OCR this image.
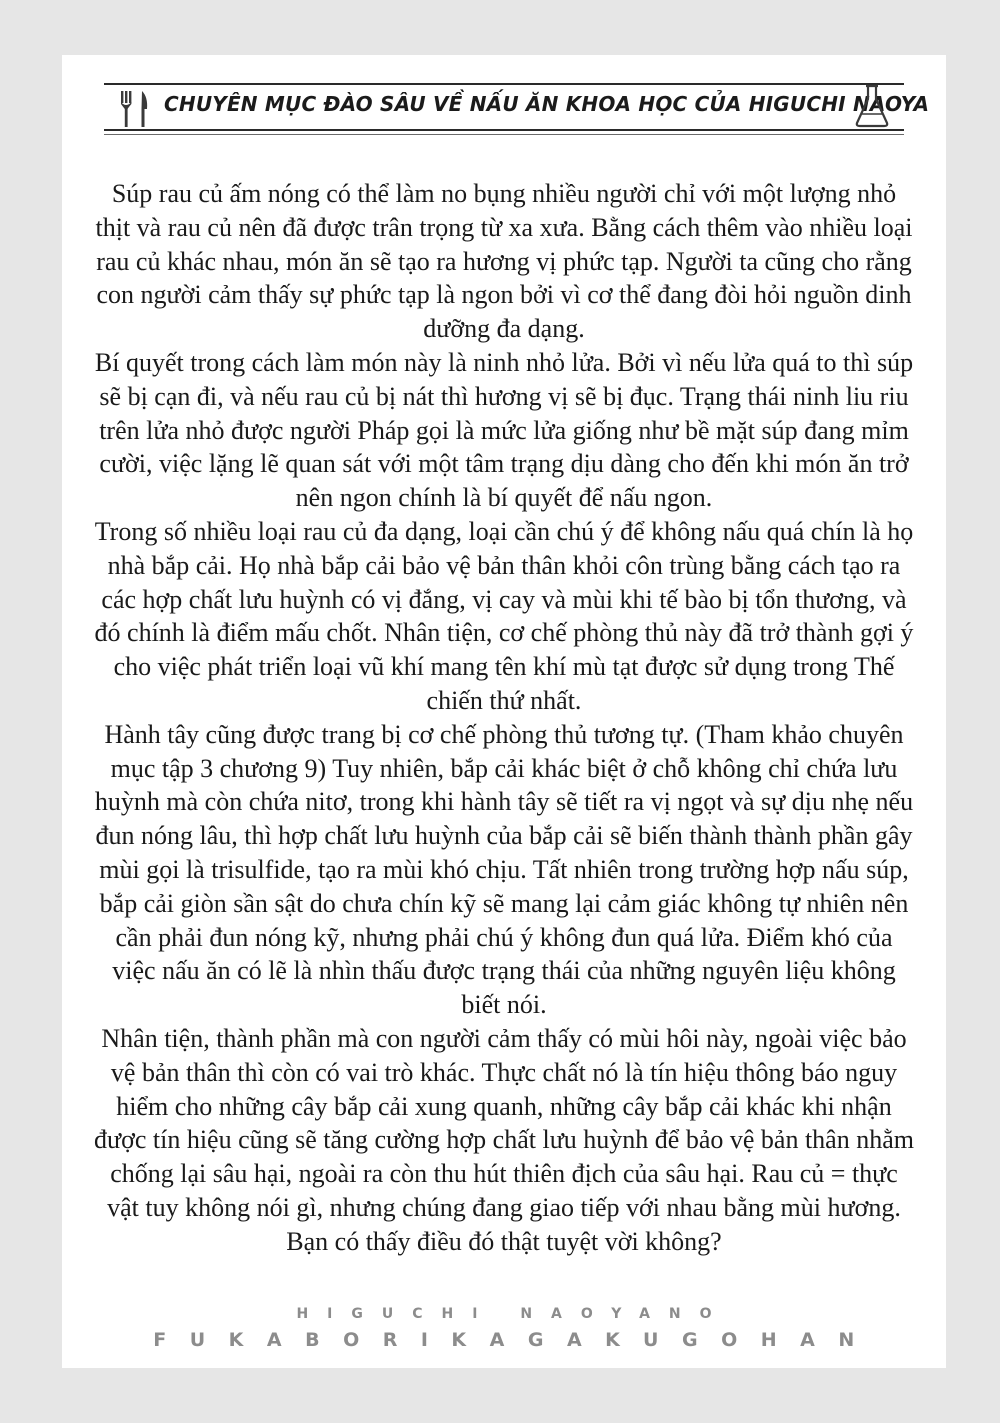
CHUYÊN MỤC ĐÀO SÂU VỀ NẤU ĂN KHOA HỌC CỦA HIGUCHI NAOYA

Súp rau củ ấm nóng có thể làm no bụng nhiều người chỉ với một lượng nhỏ thịt và rau củ nên đã được trân trọng từ xa xưa. Bằng cách thêm vào nhiều loại rau củ khác nhau, món ăn sẽ tạo ra hương vị phức tạp. Người ta cũng cho rằng con người cảm thấy sự phức tạp là ngon bởi vì cơ thể đang đòi hỏi nguồn dinh dưỡng đa dạng.

Bí quyết trong cách làm món này là ninh nhỏ lửa. Bởi vì nếu lửa quá to thì súp sẽ bị cạn đi, và nếu rau củ bị nát thì hương vị sẽ bị đục. Trạng thái ninh liu riu trên lửa nhỏ được người Pháp gọi là mức lửa giống như bề mặt súp đang mỉm cười, việc lặng lẽ quan sát với một tâm trạng dịu dàng cho đến khi món ăn trở nên ngon chính là bí quyết để nấu ngon.

Trong số nhiều loại rau củ đa dạng, loại cần chú ý để không nấu quá chín là họ nhà bắp cải. Họ nhà bắp cải bảo vệ bản thân khỏi côn trùng bằng cách tạo ra các hợp chất lưu huỳnh có vị đắng, vị cay và mùi khi tế bào bị tổn thương, và đó chính là điểm mấu chốt. Nhân tiện, cơ chế phòng thủ này đã trở thành gợi ý cho việc phát triển loại vũ khí mang tên khí mù tạt được sử dụng trong Thế chiến thứ nhất.

Hành tây cũng được trang bị cơ chế phòng thủ tương tự. (Tham khảo chuyên mục tập 3 chương 9) Tuy nhiên, bắp cải khác biệt ở chỗ không chỉ chứa lưu huỳnh mà còn chứa nitơ, trong khi hành tây sẽ tiết ra vị ngọt và sự dịu nhẹ nếu đun nóng lâu, thì hợp chất lưu huỳnh của bắp cải sẽ biến thành thành phần gây mùi gọi là trisulfide, tạo ra mùi khó chịu. Tất nhiên trong trường hợp nấu súp, bắp cải giòn sần sật do chưa chín kỹ sẽ mang lại cảm giác không tự nhiên nên cần phải đun nóng kỹ, nhưng phải chú ý không đun quá lửa. Điểm khó của việc nấu ăn có lẽ là nhìn thấu được trạng thái của những nguyên liệu không biết nói.

Nhân tiện, thành phần mà con người cảm thấy có mùi hôi này, ngoài việc bảo vệ bản thân thì còn có vai trò khác. Thực chất nó là tín hiệu thông báo nguy hiểm cho những cây bắp cải xung quanh, những cây bắp cải khác khi nhận được tín hiệu cũng sẽ tăng cường hợp chất lưu huỳnh để bảo vệ bản thân nhằm chống lại sâu hại, ngoài ra còn thu hút thiên địch của sâu hại. Rau củ = thực vật tuy không nói gì, nhưng chúng đang giao tiếp với nhau bằng mùi hương. Bạn có thấy điều đó thật tuyệt vời không?

HIGUCHI NAOYANO
FUKABORIKAGAKUGOHAN
